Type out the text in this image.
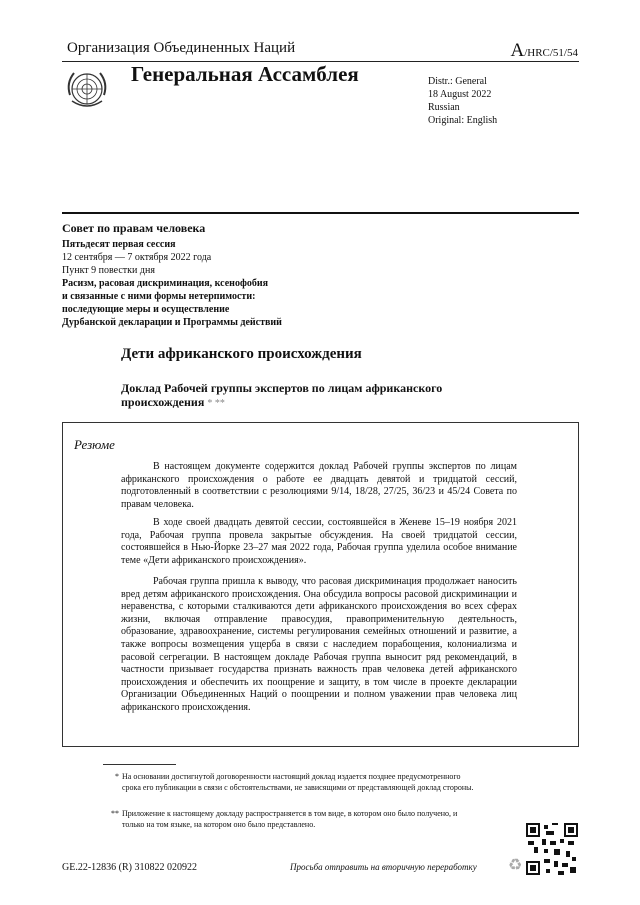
Организация Объединенных Наций	A/HRC/51/54
Генеральная Ассамблея	Distr.: General
18 August 2022
Russian
Original: English
Совет по правам человека
Пятьдесят первая сессия
12 сентября — 7 октября 2022 года
Пункт 9 повестки дня
Расизм, расовая дискриминация, ксенофобия
и связанные с ними формы нетерпимости:
последующие меры и осуществление
Дурбанской декларации и Программы действий
Дети африканского происхождения
Доклад Рабочей группы экспертов по лицам африканского происхождения * **
Резюме
В настоящем документе содержится доклад Рабочей группы экспертов по лицам африканского происхождения о работе ее двадцать девятой и тридцатой сессий, подготовленный в соответствии с резолюциями 9/14, 18/28, 27/25, 36/23 и 45/24 Совета по правам человека.
В ходе своей двадцать девятой сессии, состоявшейся в Женеве 15–19 ноября 2021 года, Рабочая группа провела закрытые обсуждения. На своей тридцатой сессии, состоявшейся в Нью-Йорке 23–27 мая 2022 года, Рабочая группа уделила особое внимание теме «Дети африканского происхождения».
Рабочая группа пришла к выводу, что расовая дискриминация продолжает наносить вред детям африканского происхождения. Она обсудила вопросы расовой дискриминации и неравенства, с которыми сталкиваются дети африканского происхождения во всех сферах жизни, включая отправление правосудия, правоприменительную деятельность, образование, здравоохранение, системы регулирования семейных отношений и развитие, а также вопросы возмещения ущерба в связи с наследием порабощения, колониализма и расовой сегрегации. В настоящем докладе Рабочая группа выносит ряд рекомендаций, в частности призывает государства признать важность прав человека детей африканского происхождения и обеспечить их поощрение и защиту, в том числе в проекте декларации Организации Объединенных Наций о поощрении и полном уважении прав человека лиц африканского происхождения.
* На основании достигнутой договоренности настоящий доклад издается позднее предусмотренного срока его публикации в связи с обстоятельствами, не зависящими от представляющей доклад стороны.
** Приложение к настоящему докладу распространяется в том виде, в котором оно было получено, и только на том языке, на котором оно было представлено.
GE.22-12836 (R) 310822 020922	Просьба отправить на вторичную переработку ♻
